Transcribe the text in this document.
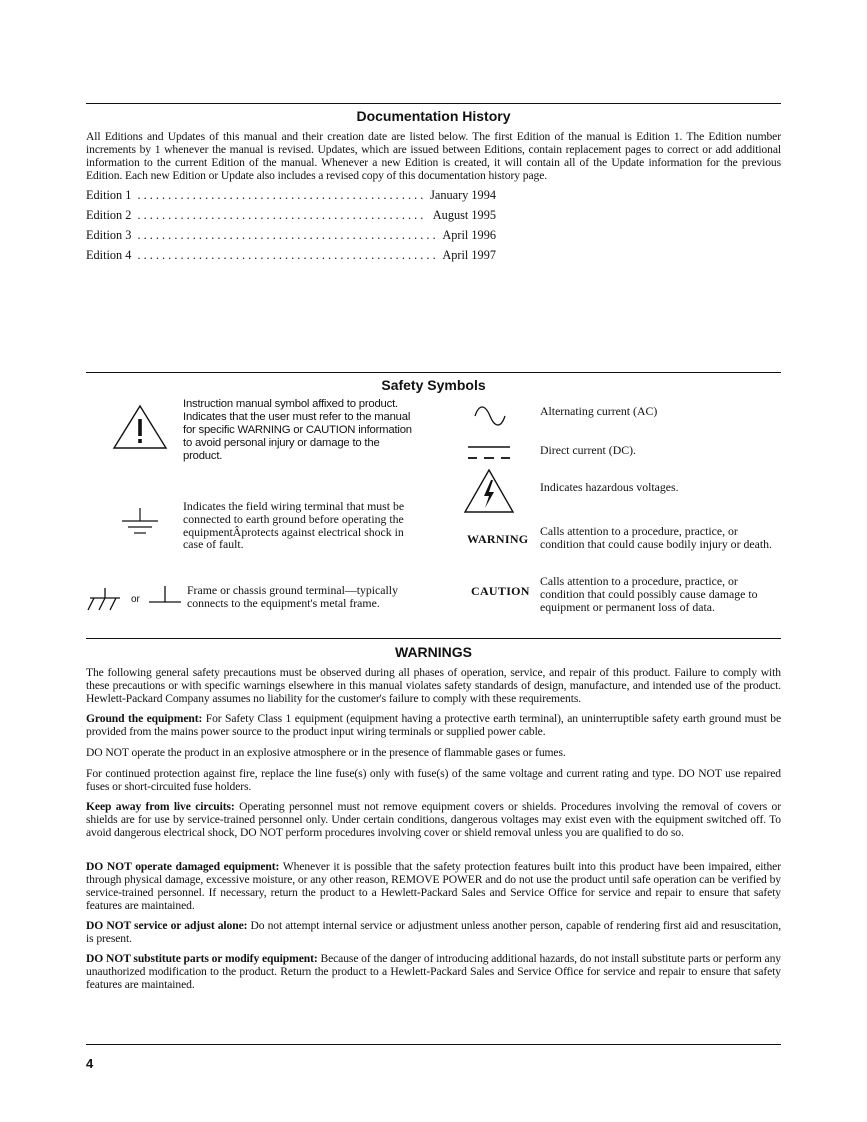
Documentation History
All Editions and Updates of this manual and their creation date are listed below. The first Edition of the manual is Edition 1. The Edition number increments by 1 whenever the manual is revised. Updates, which are issued between Editions, contain replacement pages to correct or add additional information to the current Edition of the manual. Whenever a new Edition is created, it will contain all of the Update information for the previous Edition. Each new Edition or Update also includes a revised copy of this documentation history page.
Edition 1 . . .	January 1994
Edition 2 . . .	August 1995
Edition 3 . . .	April 1996
Edition 4 . . .	April 1997
Safety Symbols
Instruction manual symbol affixed to product. Indicates that the user must refer to the manual for specific WARNING or CAUTION information to avoid personal injury or damage to the product.
Indicates the field wiring terminal that must be connected to earth ground before operating the equipmentÂprotects against electrical shock in case of fault.
or
Frame or chassis ground terminal—typically connects to the equipment's metal frame.
Alternating current (AC)
Direct current (DC).
Indicates hazardous voltages.
WARNING
Calls attention to a procedure, practice, or condition that could cause bodily injury or death.
CAUTION
Calls attention to a procedure, practice, or condition that could possibly cause damage to equipment or permanent loss of data.
WARNINGS
The following general safety precautions must be observed during all phases of operation, service, and repair of this product. Failure to comply with these precautions or with specific warnings elsewhere in this manual violates safety standards of design, manufacture, and intended use of the product. Hewlett-Packard Company assumes no liability for the customer's failure to comply with these requirements.
Ground the equipment: For Safety Class 1 equipment (equipment having a protective earth terminal), an uninterruptible safety earth ground must be provided from the mains power source to the product input wiring terminals or supplied power cable.
DO NOT operate the product in an explosive atmosphere or in the presence of flammable gases or fumes.
For continued protection against fire, replace the line fuse(s) only with fuse(s) of the same voltage and current rating and type. DO NOT use repaired fuses or short-circuited fuse holders.
Keep away from live circuits: Operating personnel must not remove equipment covers or shields. Procedures involving the removal of covers or shields are for use by service-trained personnel only. Under certain conditions, dangerous voltages may exist even with the equipment switched off. To avoid dangerous electrical shock, DO NOT perform procedures involving cover or shield removal unless you are qualified to do so.
DO NOT operate damaged equipment: Whenever it is possible that the safety protection features built into this product have been impaired, either through physical damage, excessive moisture, or any other reason, REMOVE POWER and do not use the product until safe operation can be verified by service-trained personnel. If necessary, return the product to a Hewlett-Packard Sales and Service Office for service and repair to ensure that safety features are maintained.
DO NOT service or adjust alone: Do not attempt internal service or adjustment unless another person, capable of rendering first aid and resuscitation, is present.
DO NOT substitute parts or modify equipment: Because of the danger of introducing additional hazards, do not install substitute parts or perform any unauthorized modification to the product. Return the product to a Hewlett-Packard Sales and Service Office for service and repair to ensure that safety features are maintained.
4
